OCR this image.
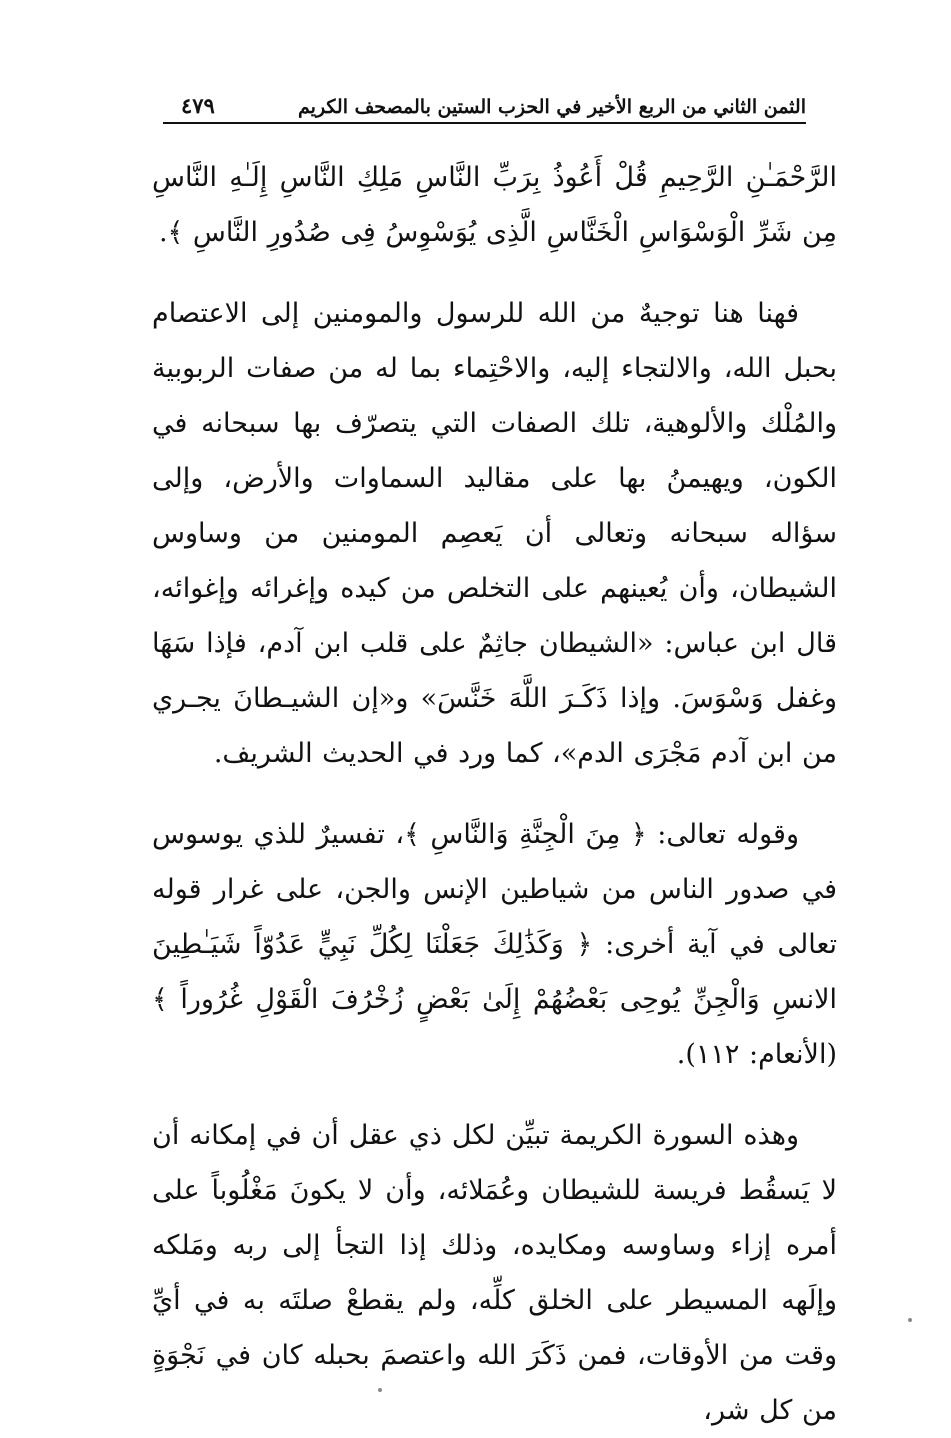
الثمن الثاني من الربع الأخير في الحزب الستين بالمصحف الكريم
٤٧٩

الرَّحْمَـٰنِ الرَّحِيمِ قُلْ أَعُوذُ بِرَبِّ النَّاسِ مَلِكِ النَّاسِ إِلَـٰهِ النَّاسِ مِن شَرِّ الْوَسْوَاسِ الْخَنَّاسِ الَّذِى يُوَسْوِسُ فِى صُدُورِ النَّاسِ ﴾.

فهنا هنا توجيهٌ من الله للرسول والمومنين إلى الاعتصام بحبل الله، والالتجاء إليه، والاحْتِماء بما له من صفات الربوبية والمُلْك والألوهية، تلك الصفات التي يتصرّف بها سبحانه في الكون، ويهيمنُ بها على مقاليد السماوات والأرض، وإلى سؤاله سبحانه وتعالى أن يَعصِم المومنين من وساوس الشيطان، وأن يُعينهم على التخلص من كيده وإغرائه وإغوائه، قال ابن عباس: «الشيطان جاثِمٌ على قلب ابن آدم، فإذا سَهَا وغفل وَسْوَسَ. وإذا ذَكَـرَ اللَّهَ خَنَّسَ» و«إن الشيـطانَ يجـري من ابن آدم مَجْرَى الدم»، كما ورد في الحديث الشريف.

وقوله تعالى: ﴿ مِنَ الْجِنَّةِ وَالنَّاسِ ﴾، تفسيرٌ للذي يوسوس في صدور الناس من شياطين الإنس والجن، على غرار قوله تعالى في آية أخرى: ﴿ وَكَذَٰلِكَ جَعَلْنَا لِكُلِّ نَبِيٍّ عَدُوّاً شَيَـٰطِينَ الانسِ وَالْجِنِّ يُوحِى بَعْضُهُمْ إِلَىٰ بَعْضٍ زُخْرُفَ الْقَوْلِ غُرُوراً ﴾ (الأنعام: ١١٢).

وهذه السورة الكريمة تبيِّن لكل ذي عقل أن في إمكانه أن لا يَسقُط فريسة للشيطان وعُمَلائه، وأن لا يكونَ مَغْلُوباً على أمره إزاء وساوسه ومكايده، وذلك إذا التجأ إلى ربه ومَلكه وإلَهه المسيطر على الخلق كلِّه، ولم يقطعْ صلتَه به في أيِّ وقت من الأوقات، فمن ذَكَرَ الله واعتصمَ بحبله كان في نَجْوَةٍ من كل شر،
